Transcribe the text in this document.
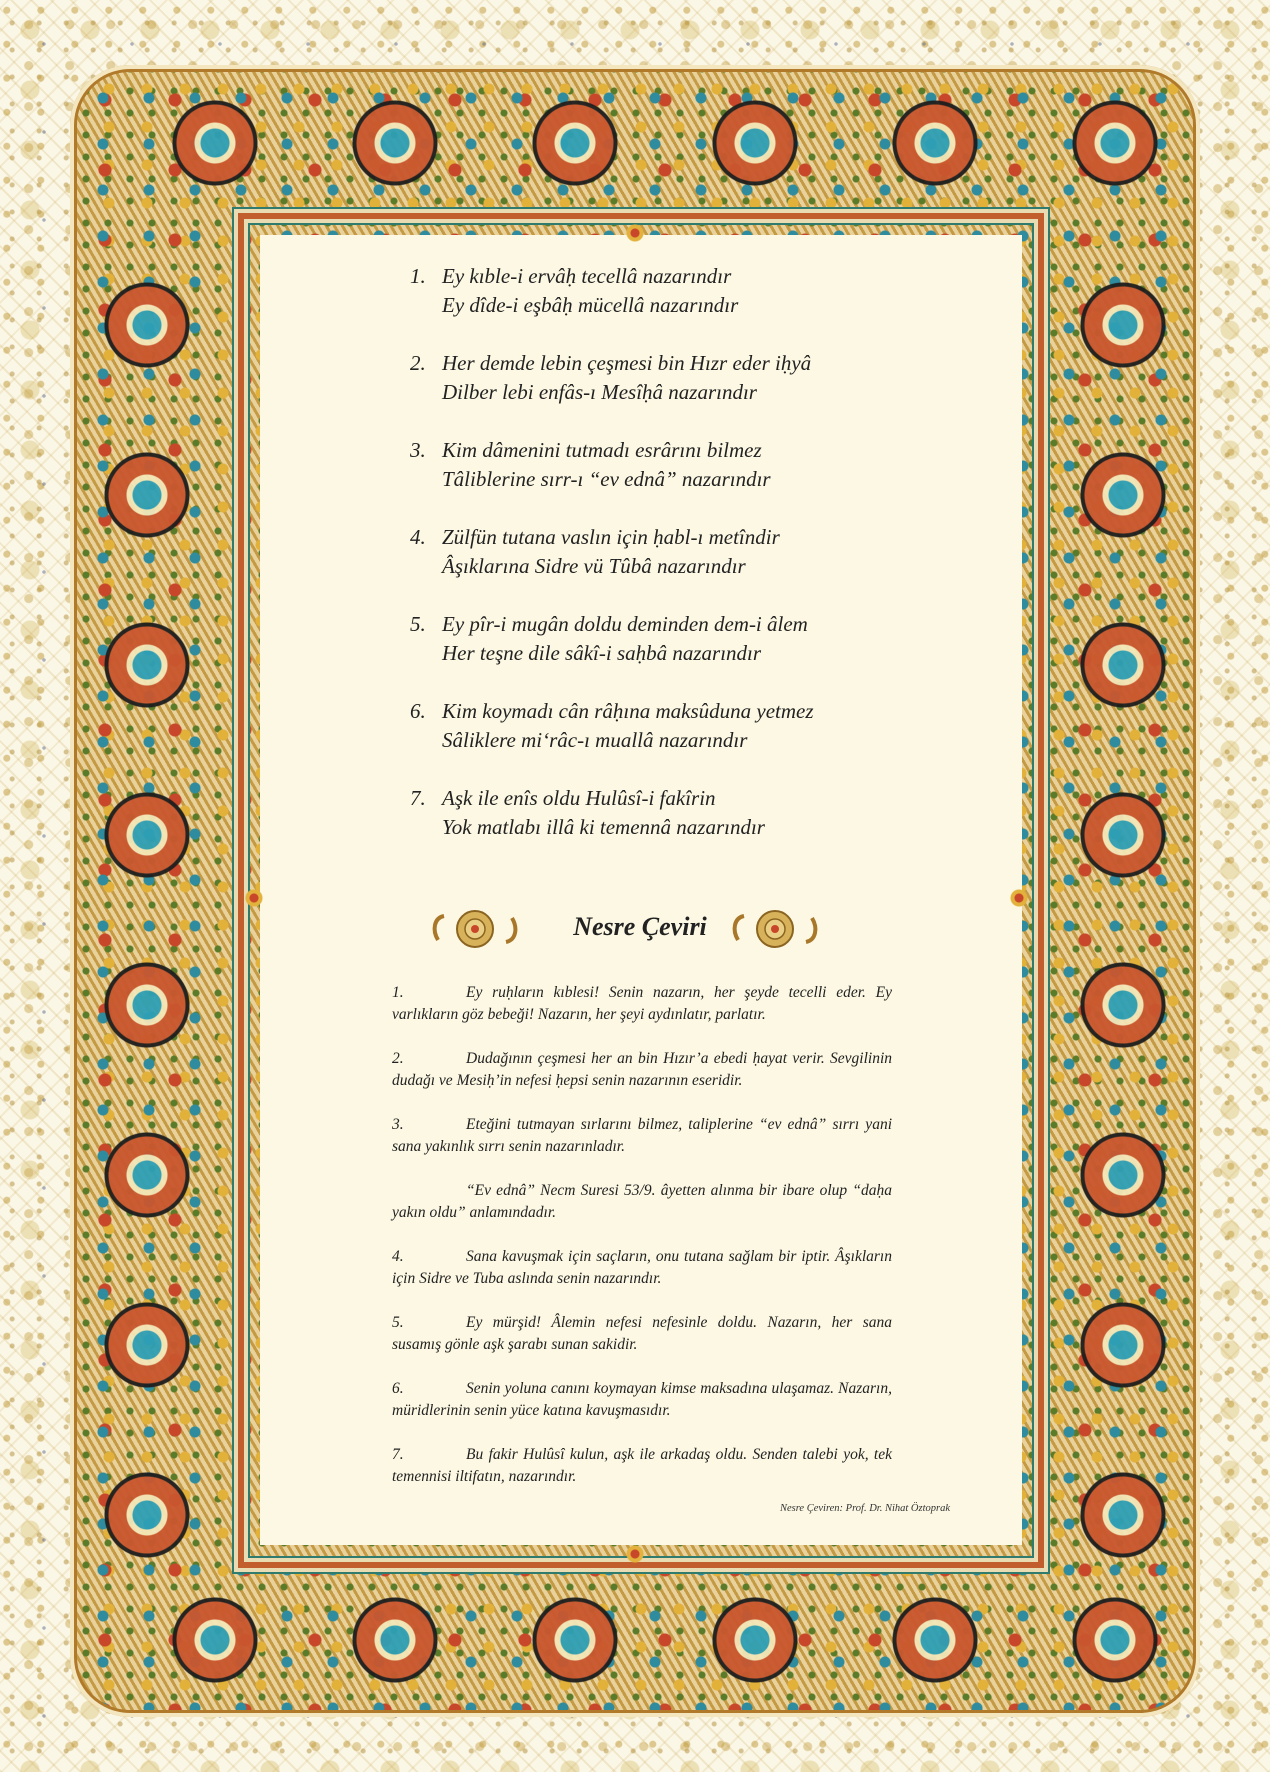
1. Ey kıble-i ervâḥ tecellâ nazarındır
Ey dîde-i eşbâḥ mücellâ nazarındır
2. Her demde lebin çeşmesi bin Hızr eder iḥyâ
Dilber lebi enfâs-ı Mesîḥâ nazarındır
3. Kim dâmenini tutmadı esrârını bilmez
Tâliblerine sırr-ı “ev ednâ” nazarındır
4. Zülfün tutana vaslın için ḥabl-ı metîndir
Âşıklarına Sidre vü Tûbâ nazarındır
5. Ey pîr-i mugân doldu deminden dem-i âlem
Her teşne dile sâkî-i saḥbâ nazarındır
6. Kim koymadı cân râḥına maksûduna yetmez
Sâliklere mi‘râc-ı muallâ nazarındır
7. Aşk ile enîs oldu Hulûsî-i fakîrin
Yok matlabı illâ ki temennâ nazarındır
Nesre Çeviri

1.	Ey ruḥların kıblesi! Senin nazarın, her şeyde tecelli eder. Ey varlıkların göz bebeği! Nazarın, her şeyi aydınlatır, parlatır.

2.	Dudağının çeşmesi her an bin Hızır’a ebedi ḥayat verir. Sevgilinin dudağı ve Mesiḥ’in nefesi ḥepsi senin nazarının eseridir.

3.	Eteğini tutmayan sırlarını bilmez, taliplerine “ev ednâ” sırrı yani sana yakınlık sırrı senin nazarınladır.

“Ev ednâ” Necm Suresi 53/9. âyetten alınma bir ibare olup “daḥa yakın oldu” anlamındadır.

4.	Sana kavuşmak için saçların, onu tutana sağlam bir iptir. Âşıkların için Sidre ve Tuba aslında senin nazarındır.

5.	Ey mürşid! Âlemin nefesi nefesinle doldu. Nazarın, her sana susamış gönle aşk şarabı sunan sakidir.

6.	Senin yoluna canını koymayan kimse maksadına ulaşamaz. Nazarın, müridlerinin senin yüce katına kavuşmasıdır.

7.	Bu fakir Hulûsî kulun, aşk ile arkadaş oldu. Senden talebi yok, tek temennisi iltifatın, nazarındır.

Nesre Çeviren: Prof. Dr. Nihat Öztoprak
